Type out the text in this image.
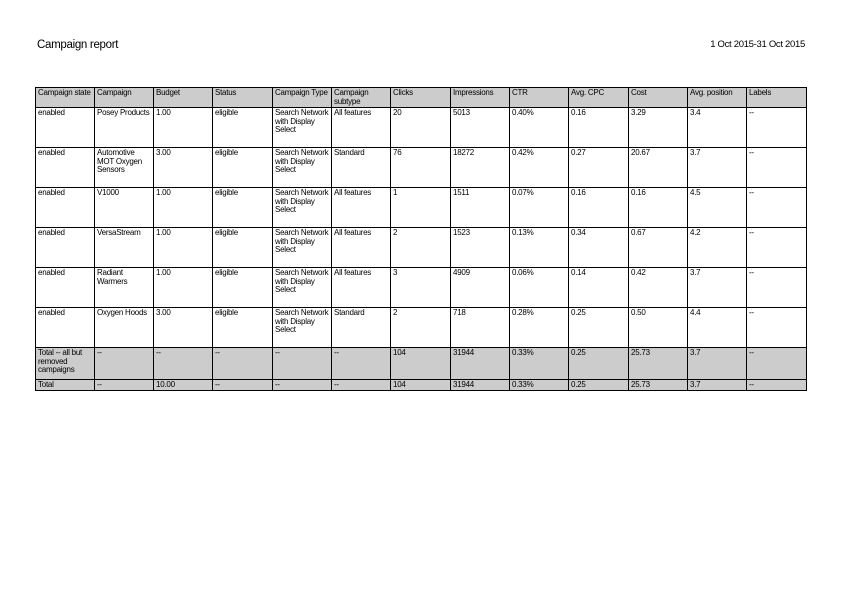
Campaign report	1 Oct 2015-31 Oct 2015
Campaign state	Campaign	Budget	Status	Campaign Type	Campaign subtype	Clicks	Impressions	CTR	Avg. CPC	Cost	Avg. position	Labels
enabled	Posey Products	1.00	eligible	Search Network with Display Select	All features	20	5013	0.40%	0.16	3.29	3.4	--
enabled	Automotive MOT Oxygen Sensors	3.00	eligible	Search Network with Display Select	Standard	76	18272	0.42%	0.27	20.67	3.7	--
enabled	V1000	1.00	eligible	Search Network with Display Select	All features	1	1511	0.07%	0.16	0.16	4.5	--
enabled	VersaStream	1.00	eligible	Search Network with Display Select	All features	2	1523	0.13%	0.34	0.67	4.2	--
enabled	Radiant Warmers	1.00	eligible	Search Network with Display Select	All features	3	4909	0.06%	0.14	0.42	3.7	--
enabled	Oxygen Hoods	3.00	eligible	Search Network with Display Select	Standard	2	718	0.28%	0.25	0.50	4.4	--
Total -- all but removed campaigns	--	--	--	--	--	104	31944	0.33%	0.25	25.73	3.7	--
Total	--	10.00	--	--	--	104	31944	0.33%	0.25	25.73	3.7	--
